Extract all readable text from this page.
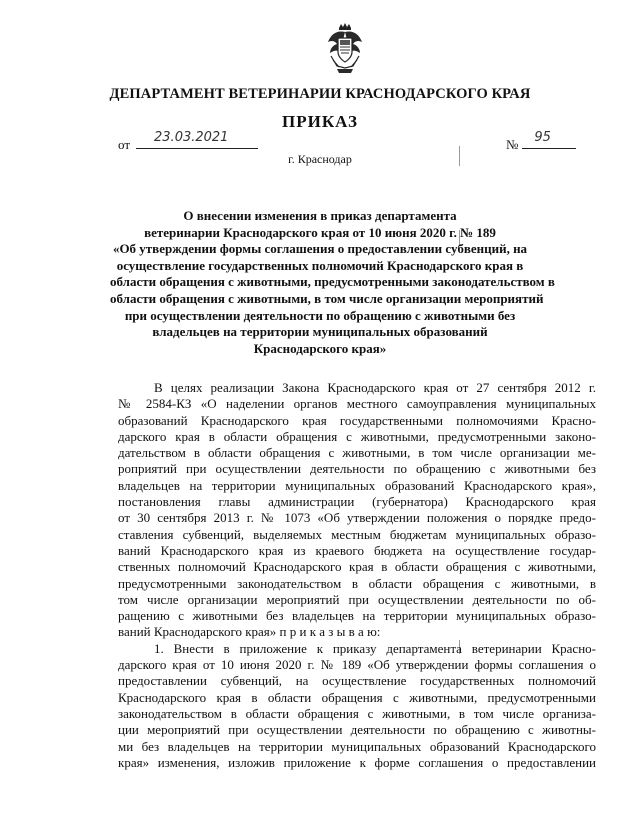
ДЕПАРТАМЕНТ ВЕТЕРИНАРИИ КРАСНОДАРСКОГО КРАЯ
ПРИКАЗ
от 23.03.2021	№ 95
г. Краснодар
О внесении изменения в приказ департамента
ветеринарии Краснодарского края от 10 июня 2020 г. № 189
«Об утверждении формы соглашения о предоставлении субвенций, на
осуществление государственных полномочий Краснодарского края в
области обращения с животными, предусмотренными законодательством в
области обращения с животными, в том числе организации мероприятий
при осуществлении деятельности по обращению с животными без
владельцев на территории муниципальных образований
Краснодарского края»
В целях реализации Закона Краснодарского края от 27 сентября 2012 г.
№ 2584-КЗ «О наделении органов местного самоуправления муниципальных
образований Краснодарского края государственными полномочиями Красно-
дарского края в области обращения с животными, предусмотренными законо-
дательством в области обращения с животными, в том числе организации ме-
роприятий при осуществлении деятельности по обращению с животными без
владельцев на территории муниципальных образований Краснодарского края»,
постановления главы администрации (губернатора) Краснодарского края
от 30 сентября 2013 г. № 1073 «Об утверждении положения о порядке предо-
ставления субвенций, выделяемых местным бюджетам муниципальных образо-
ваний Краснодарского края из краевого бюджета на осуществление государ-
ственных полномочий Краснодарского края в области обращения с животными,
предусмотренными законодательством в области обращения с животными, в
том числе организации мероприятий при осуществлении деятельности по об-
ращению с животными без владельцев на территории муниципальных образо-
ваний Краснодарского края» п р и к а з ы в а ю:
1. Внести в приложение к приказу департамента ветеринарии Красно-
дарского края от 10 июня 2020 г. № 189 «Об утверждении формы соглашения о
предоставлении субвенций, на осуществление государственных полномочий
Краснодарского края в области обращения с животными, предусмотренными
законодательством в области обращения с животными, в том числе организа-
ции мероприятий при осуществлении деятельности по обращению с животны-
ми без владельцев на территории муниципальных образований Краснодарского
края» изменения, изложив приложение к форме соглашения о предоставлении
